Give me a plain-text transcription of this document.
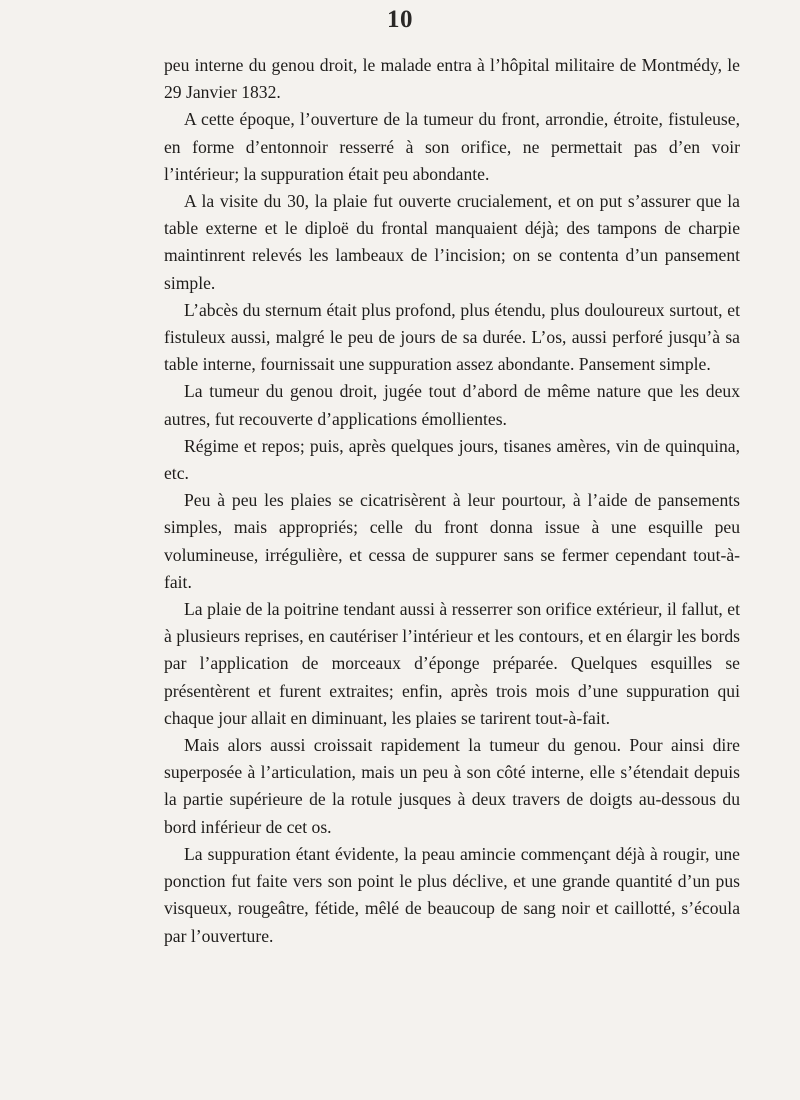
10

peu interne du genou droit, le malade entra à l’hôpital militaire de Montmédy, le 29 Janvier 1832.

A cette époque, l’ouverture de la tumeur du front, arrondie, étroite, fistuleuse, en forme d’entonnoir resserré à son orifice, ne permettait pas d’en voir l’intérieur; la suppuration était peu abondante.

A la visite du 30, la plaie fut ouverte crucialement, et on put s’assurer que la table externe et le diploë du frontal manquaient déjà; des tampons de charpie maintinrent relevés les lambeaux de l’incision; on se contenta d’un pansement simple.

L’abcès du sternum était plus profond, plus étendu, plus douloureux surtout, et fistuleux aussi, malgré le peu de jours de sa durée. L’os, aussi perforé jusqu’à sa table interne, fournissait une suppuration assez abondante. Pansement simple.

La tumeur du genou droit, jugée tout d’abord de même nature que les deux autres, fut recouverte d’applications émollientes.

Régime et repos; puis, après quelques jours, tisanes amères, vin de quinquina, etc.

Peu à peu les plaies se cicatrisèrent à leur pourtour, à l’aide de pansements simples, mais appropriés; celle du front donna issue à une esquille peu volumineuse, irrégulière, et cessa de suppurer sans se fermer cependant tout-à-fait.

La plaie de la poitrine tendant aussi à resserrer son orifice extérieur, il fallut, et à plusieurs reprises, en cautériser l’intérieur et les contours, et en élargir les bords par l’application de morceaux d’éponge préparée. Quelques esquilles se présentèrent et furent extraites; enfin, après trois mois d’une suppuration qui chaque jour allait en diminuant, les plaies se tarirent tout-à-fait.

Mais alors aussi croissait rapidement la tumeur du genou. Pour ainsi dire superposée à l’articulation, mais un peu à son côté interne, elle s’étendait depuis la partie supérieure de la rotule jusques à deux travers de doigts au-dessous du bord inférieur de cet os.

La suppuration étant évidente, la peau amincie commençant déjà à rougir, une ponction fut faite vers son point le plus déclive, et une grande quantité d’un pus visqueux, rougeâtre, fétide, mêlé de beaucoup de sang noir et caillotté, s’écoula par l’ouverture.
